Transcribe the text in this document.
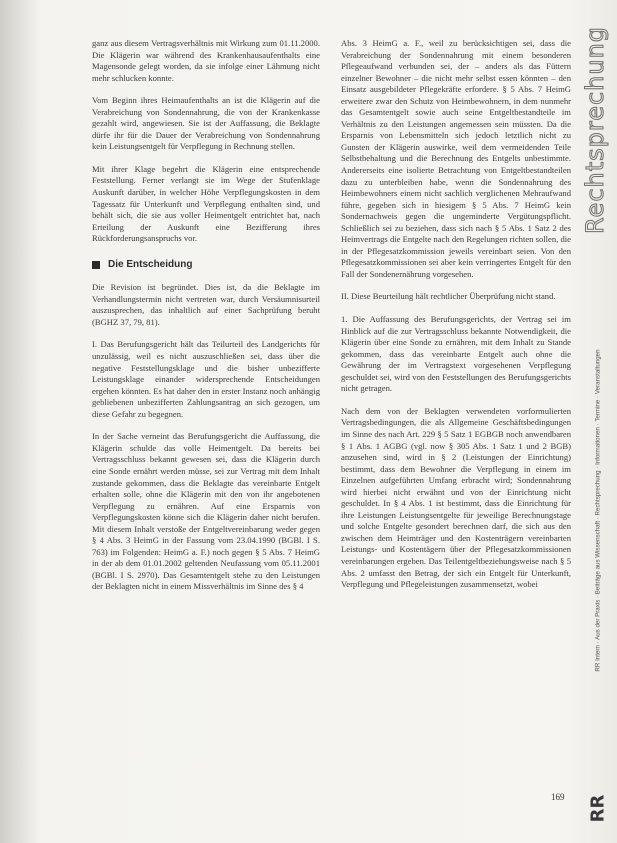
ganz aus diesem Vertragsverhältnis mit Wirkung zum 01.11.2000. Die Klägerin war während des Krankenhausaufenthalts eine Magensonde gelegt worden, da sie infolge einer Lähmung nicht mehr schlucken konnte.

Vom Beginn ihres Heimaufenthalts an ist die Klägerin auf die Verabreichung von Sondennahrung, die von der Krankenkasse gezahlt wird, angewiesen. Sie ist der Auffassung, die Beklagte dürfe ihr für die Dauer der Verabreichung von Sondennahrung kein Leistungsentgelt für Verpflegung in Rechnung stellen.

Mit ihrer Klage begehrt die Klägerin eine entsprechende Feststellung. Ferner verlangt sie im Wege der Stufenklage Auskunft darüber, in welcher Höhe Verpflegungskosten in dem Tagessatz für Unterkunft und Verpflegung enthalten sind, und behält sich, die sie aus voller Heimentgelt entrichtet hat, nach Erteilung der Auskunft eine Bezifferung ihres Rückforderungsanspruchs vor.

Die Entscheidung

Die Revision ist begründet. Dies ist, da die Beklagte im Verhandlungstermin nicht vertreten war, durch Versäumnisurteil auszusprechen, das inhaltlich auf einer Sachprüfung beruht (BGHZ 37, 79, 81).

I. Das Berufungsgericht hält das Teilurteil des Landgerichts für unzulässig, weil es nicht auszuschließen sei, dass über die negative Feststellungsklage und die bisher unbezifferte Leistungsklage einander widersprechende Entscheidungen ergehen könnten. Es hat daher den in erster Instanz noch anhängig gebliebenen unbezifferten Zahlungsantrag an sich gezogen, um diese Gefahr zu begegnen.

In der Sache verneint das Berufungsgericht die Auffassung, die Klägerin schulde das volle Heimentgelt. Da bereits bei Vertragsschluss bekannt gewesen sei, dass die Klägerin durch eine Sonde ernährt werden müsse, sei zur Vertrag mit dem Inhalt zustande gekommen, dass die Beklagte das vereinbarte Entgelt erhalten solle, ohne die Klägerin mit den von ihr angebotenen Verpflegung zu ernähren. Auf eine Ersparnis von Verpflegungskosten könne sich die Klägerin daher nicht berufen. Mit diesem Inhalt verstoße der Entgeltvereinbarung weder gegen § 4 Abs. 3 HeimG in der Fassung vom 23.04.1990 (BGBl. I S. 763) im Folgenden: HeimG a. F.) noch gegen § 5 Abs. 7 HeimG in der ab dem 01.01.2002 geltenden Neufassung vom 05.11.2001 (BGBl. I S. 2970). Das Gesamtentgelt stehe zu den Leistungen der Beklagten nicht in einem Missverhältnis im Sinne des § 4

Abs. 3 HeimG a. F., weil zu berücksichtigen sei, dass die Verabreichung der Sondennahrung mit einem besonderen Pflegeaufwand verbunden sei, der – anders als das Füttern einzelner Bewohner – die nicht mehr selbst essen könnten – den Einsatz ausgebildeter Pflegekräfte erfordere. § 5 Abs. 7 HeimG erweitere zwar den Schutz von Heimbewohnern, in dem nunmehr das Gesamtentgelt sowie auch seine Entgeltbestandteile im Verhältnis zu den Leistungen angemessen sein müssten. Da die Ersparnis von Lebensmitteln sich jedoch letztlich nicht zu Gunsten der Klägerin auswirke, weil dem vermeidenden Teile Selbstbehaltung und die Berechnung des Entgelts unbestimmte. Andererseits eine isolierte Betrachtung von Entgeltbestandteilen dazu zu unterbleiben habe, wenn die Sondennahrung des Heimbewohners einem nicht sachlich verglichenen Mehraufwand führe, gegeben sich in hiesigem § 5 Abs. 7 HeimG kein Sondernachweis gegen die ungeminderte Vergütungspflicht. Schließlich sei zu beziehen, dass sich nach § 5 Abs. 1 Satz 2 des Heimvertrags die Entgelte nach den Regelungen richten sollen, die in der Pflegesatzkommission jeweils vereinbart seien. Von den Pflegesatzkommissionen sei aber kein verringertes Entgelt für den Fall der Sondenernährung vorgesehen.

II. Diese Beurteilung hält rechtlicher Überprüfung nicht stand.

1. Die Auffassung des Berufungsgerichts, der Vertrag sei im Hinblick auf die zur Vertragsschluss bekannte Notwendigkeit, die Klägerin über eine Sonde zu ernähren, mit dem Inhalt zu Stande gekommen, dass das vereinbarte Entgelt auch ohne die Gewährung der im Vertragstext vorgesehenen Verpflegung geschuldet sei, wird von den Feststellungen des Berufungsgerichts nicht getragen.

Nach dem von der Beklagten verwendeten vorformulierten Vertragsbedingungen, die als Allgemeine Geschäftsbedingungen im Sinne des nach Art. 229 § 5 Satz 1 EGBGB noch anwendbaren § 1 Abs. 1 AGBG (vgl. now § 305 Abs. 1 Satz 1 und 2 BGB) anzusehen sind, wird in § 2 (Leistungen der Einrichtung) bestimmt, dass dem Bewohner die Verpflegung in einem im Einzelnen aufgeführten Umfang erbracht wird; Sondennahrung wird hierbei nicht erwähnt und von der Einrichtung nicht geschuldet. In § 4 Abs. 1 ist bestimmt, dass die Einrichtung für ihre Leistungen Leistungsentgelte für jeweilige Berechnungstage und solche Entgelte gesondert berechnen darf, die sich aus den zwischen dem Heimträger und den Kostenträgern vereinbarten Leistungs- und Kostentägern über der Pflegesatzkommissionen vereinbarungen ergeben. Das Teilentgeltbeziehungsweise nach § 5 Abs. 2 umfasst den Betrag, der sich ein Entgelt für Unterkunft, Verpflegung und Pflegeleistungen zusammensetzt, wobei

Rechtsprechung
RR Intern · Aus der Praxis · Beiträge aus Wissenschaft · Rechtsprechung · Informationen · Termine · Veranstaltungen
RR
169
